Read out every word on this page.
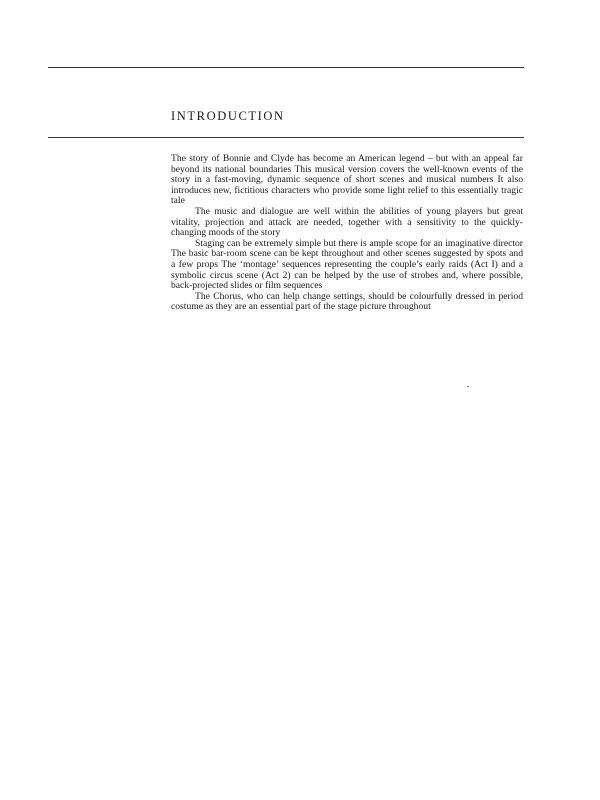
INTRODUCTION

The story of Bonnie and Clyde has become an American legend – but with an appeal far beyond its national boundaries This musical version covers the well-known events of the story in a fast-moving, dynamic sequence of short scenes and musical numbers It also introduces new, fictitious characters who provide some light relief to this essentially tragic tale

The music and dialogue are well within the abilities of young players but great vitality, projection and attack are needed, together with a sensitivity to the quickly-changing moods of the story

Staging can be extremely simple but there is ample scope for an imaginative director The basic bar-room scene can be kept throughout and other scenes suggested by spots and a few props The ‘montage’ sequences representing the couple’s early raids (Act I) and a symbolic circus scene (Act 2) can be helped by the use of strobes and, where possible, back-projected slides or film sequences

The Chorus, who can help change settings, should be colourfully dressed in period costume as they are an essential part of the stage picture throughout
